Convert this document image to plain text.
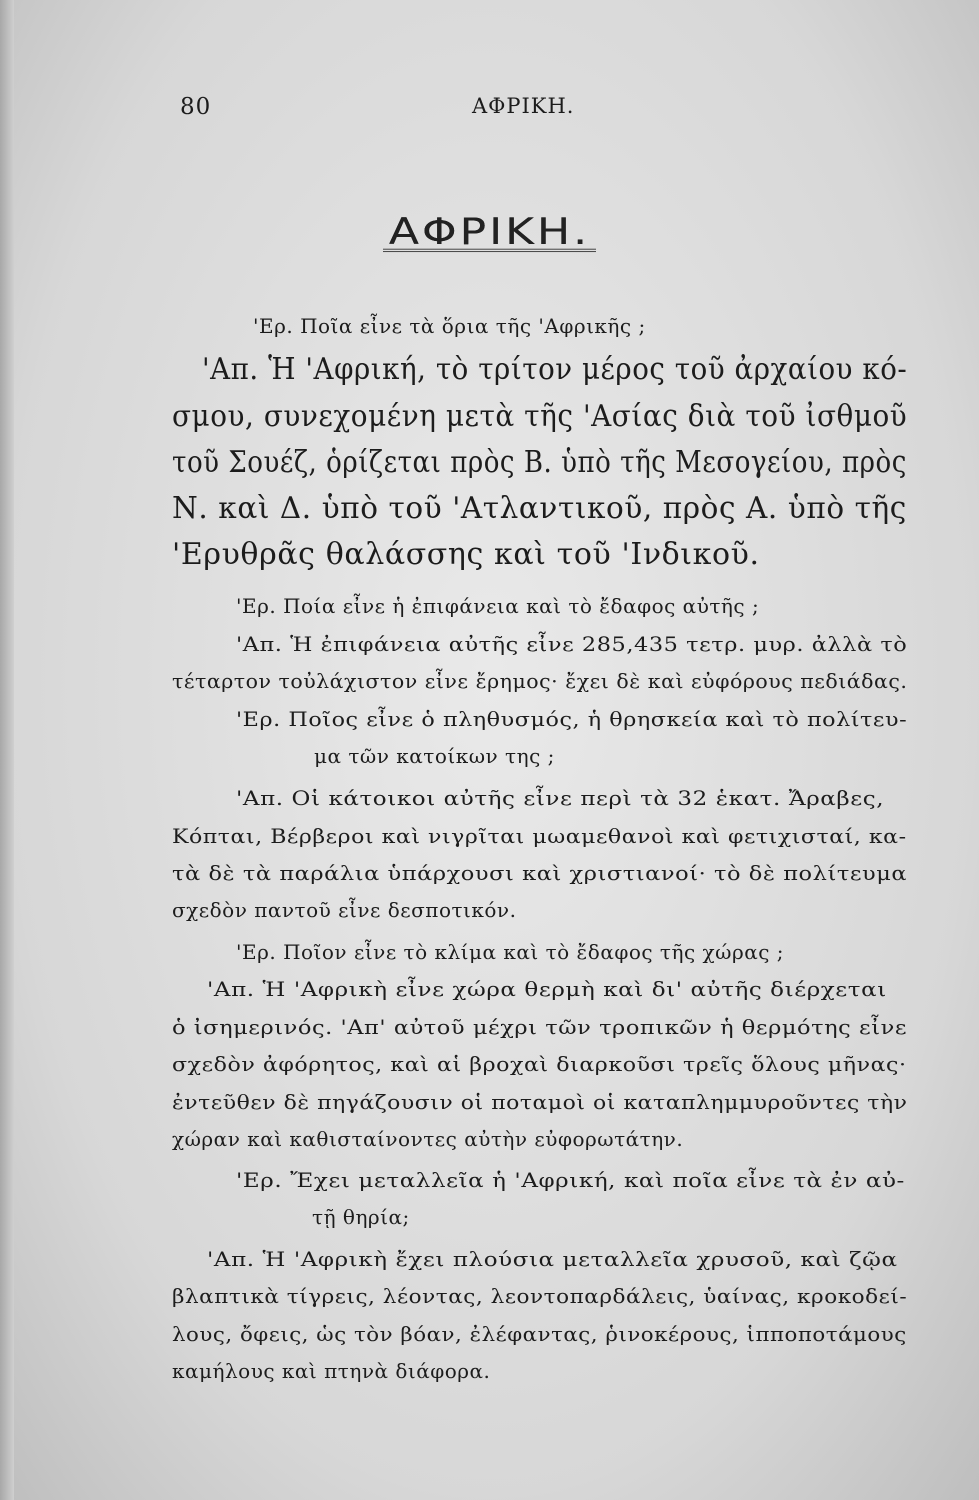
80	ΑΦΡΙΚΗ.
ΑΦΡΙΚΗ.
'Ερ. Ποῖα εἶνε τὰ ὅρια τῆς 'Αφρικῆς ;
'Απ. Ἡ 'Αφρική, τὸ τρίτον μέρος τοῦ ἀρχαίου κό-
σμου, συνεχομένη μετὰ τῆς 'Ασίας διὰ τοῦ ἰσθμοῦ
τοῦ Σουέζ, ὁρίζεται πρὸς Β. ὑπὸ τῆς Μεσογείου, πρὸς
Ν. καὶ Δ. ὑπὸ τοῦ 'Ατλαντικοῦ, πρὸς Α. ὑπὸ τῆς
'Ερυθρᾶς θαλάσσης καὶ τοῦ 'Ινδικοῦ.
'Ερ. Ποία εἶνε ἡ ἐπιφάνεια καὶ τὸ ἔδαφος αὐτῆς ;
'Απ. Ἡ ἐπιφάνεια αὐτῆς εἶνε 285,435 τετρ. μυρ. ἀλλὰ τὸ
τέταρτον τοὐλάχιστον εἶνε ἔρημος· ἔχει δὲ καὶ εὐφόρους πεδιάδας.
'Ερ. Ποῖος εἶνε ὁ πληθυσμός, ἡ θρησκεία καὶ τὸ πολίτευ-
μα τῶν κατοίκων της ;
'Απ. Οἱ κάτοικοι αὐτῆς εἶνε περὶ τὰ 32 ἑκατ. Ἄραβες,
Κόπται, Βέρβεροι καὶ νιγρῖται μωαμεθανοὶ καὶ φετιχισταί, κα-
τὰ δὲ τὰ παράλια ὑπάρχουσι καὶ χριστιανοί· τὸ δὲ πολίτευμα
σχεδὸν παντοῦ εἶνε δεσποτικόν.
'Ερ. Ποῖον εἶνε τὸ κλίμα καὶ τὸ ἔδαφος τῆς χώρας ;
'Απ. Ἡ 'Αφρικὴ εἶνε χώρα θερμὴ καὶ δι' αὐτῆς διέρχεται
ὁ ἰσημερινός. 'Απ' αὐτοῦ μέχρι τῶν τροπικῶν ἡ θερμότης εἶνε
σχεδὸν ἀφόρητος, καὶ αἱ βροχαὶ διαρκοῦσι τρεῖς ὅλους μῆνας·
ἐντεῦθεν δὲ πηγάζουσιν οἱ ποταμοὶ οἱ καταπλημμυροῦντες τὴν
χώραν καὶ καθισταίνοντες αὐτὴν εὐφορωτάτην.
'Ερ. Ἔχει μεταλλεῖα ἡ 'Αφρική, καὶ ποῖα εἶνε τὰ ἐν αὐ-
τῇ θηρία;
'Απ. Ἡ 'Αφρικὴ ἔχει πλούσια μεταλλεῖα χρυσοῦ, καὶ ζῷα
βλαπτικὰ τίγρεις, λέοντας, λεοντοπαρδάλεις, ὑαίνας, κροκοδεί-
λους, ὄφεις, ὡς τὸν βόαν, ἐλέφαντας, ῥινοκέρους, ἱπποποτάμους
καμήλους καὶ πτηνὰ διάφορα.
